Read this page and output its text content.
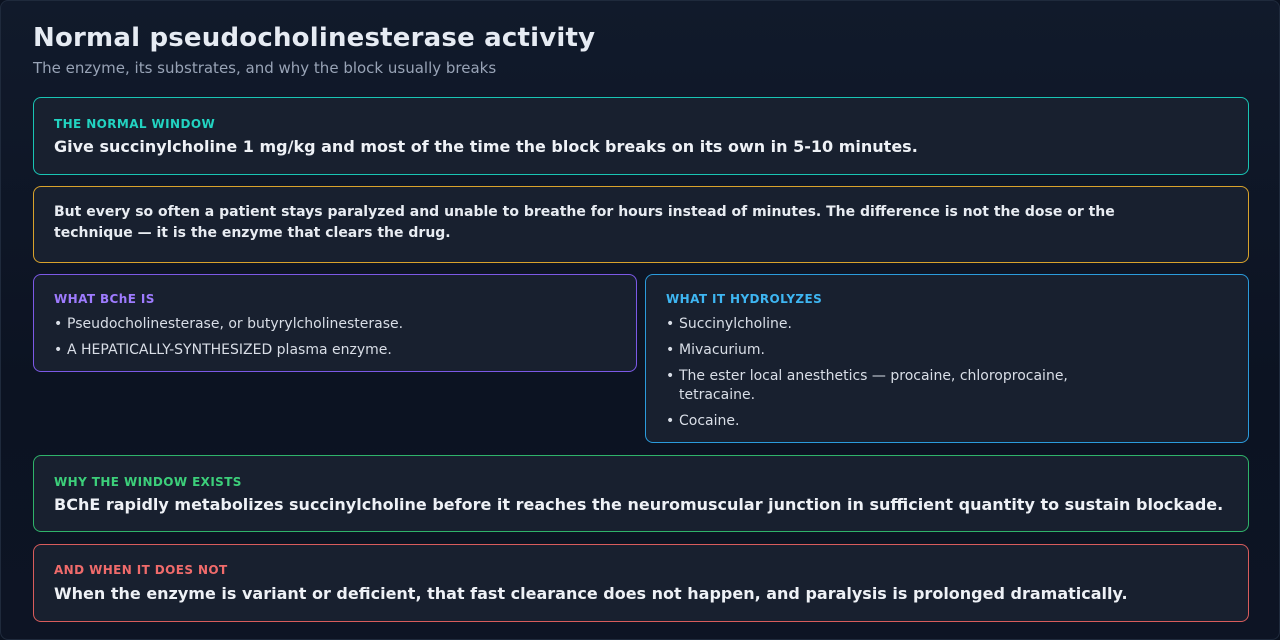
Normal pseudocholinesterase activity
The enzyme, its substrates, and why the block usually breaks
THE NORMAL WINDOW
Give succinylcholine 1 mg/kg and most of the time the block breaks on its own in 5-10 minutes.
But every so often a patient stays paralyzed and unable to breathe for hours instead of minutes. The difference is not the dose or the technique — it is the enzyme that clears the drug.
WHAT BChE IS
• Pseudocholinesterase, or butyrylcholinesterase.
• A HEPATICALLY-SYNTHESIZED plasma enzyme.
WHAT IT HYDROLYZES
• Succinylcholine.
• Mivacurium.
• The ester local anesthetics — procaine, chloroprocaine,
tetracaine.
• Cocaine.
WHY THE WINDOW EXISTS
BChE rapidly metabolizes succinylcholine before it reaches the neuromuscular junction in sufficient quantity to sustain blockade.
AND WHEN IT DOES NOT
When the enzyme is variant or deficient, that fast clearance does not happen, and paralysis is prolonged dramatically.
